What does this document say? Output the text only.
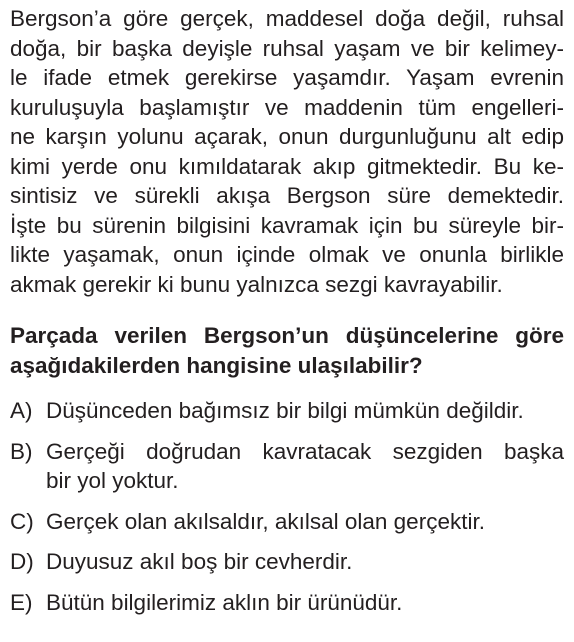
Bergson’a göre gerçek, maddesel doğa değil, ruhsal
doğa, bir başka deyişle ruhsal yaşam ve bir kelimey-
le ifade etmek gerekirse yaşamdır. Yaşam evrenin
kuruluşuyla başlamıştır ve maddenin tüm engelleri-
ne karşın yolunu açarak, onun durgunluğunu alt edip
kimi yerde onu kımıldatarak akıp gitmektedir. Bu ke-
sintisiz ve sürekli akışa Bergson süre demektedir.
İşte bu sürenin bilgisini kavramak için bu süreyle bir-
likte yaşamak, onun içinde olmak ve onunla birlikle
akmak gerekir ki bunu yalnızca sezgi kavrayabilir.

Parçada verilen Bergson’un düşüncelerine göre
aşağıdakilerden hangisine ulaşılabilir?

A) Düşünceden bağımsız bir bilgi mümkün değildir.
B) Gerçeği doğrudan kavratacak sezgiden başka
bir yol yoktur.
C) Gerçek olan akılsaldır, akılsal olan gerçektir.
D) Duyusuz akıl boş bir cevherdir.
E) Bütün bilgilerimiz aklın bir ürünüdür.
